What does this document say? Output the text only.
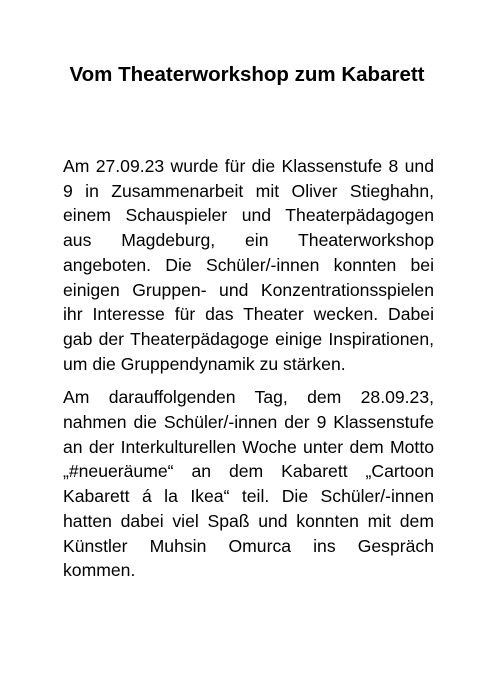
Vom Theaterworkshop zum Kabarett

Am 27.09.23 wurde für die Klassenstufe 8 und 9 in Zusammenarbeit mit Oliver Stieghahn, einem Schauspieler und Theaterpädagogen aus Magdeburg, ein Theaterworkshop angeboten. Die Schüler/-innen konnten bei einigen Gruppen- und Konzentrationsspielen ihr Interesse für das Theater wecken. Dabei gab der Theaterpädagoge einige Inspirationen, um die Gruppendynamik zu stärken.

Am darauffolgenden Tag, dem 28.09.23, nahmen die Schüler/-innen der 9 Klassenstufe an der Interkulturellen Woche unter dem Motto „#neueräume“ an dem Kabarett „Cartoon Kabarett á la Ikea“ teil. Die Schüler/-innen hatten dabei viel Spaß und konnten mit dem Künstler Muhsin Omurca ins Gespräch kommen.
